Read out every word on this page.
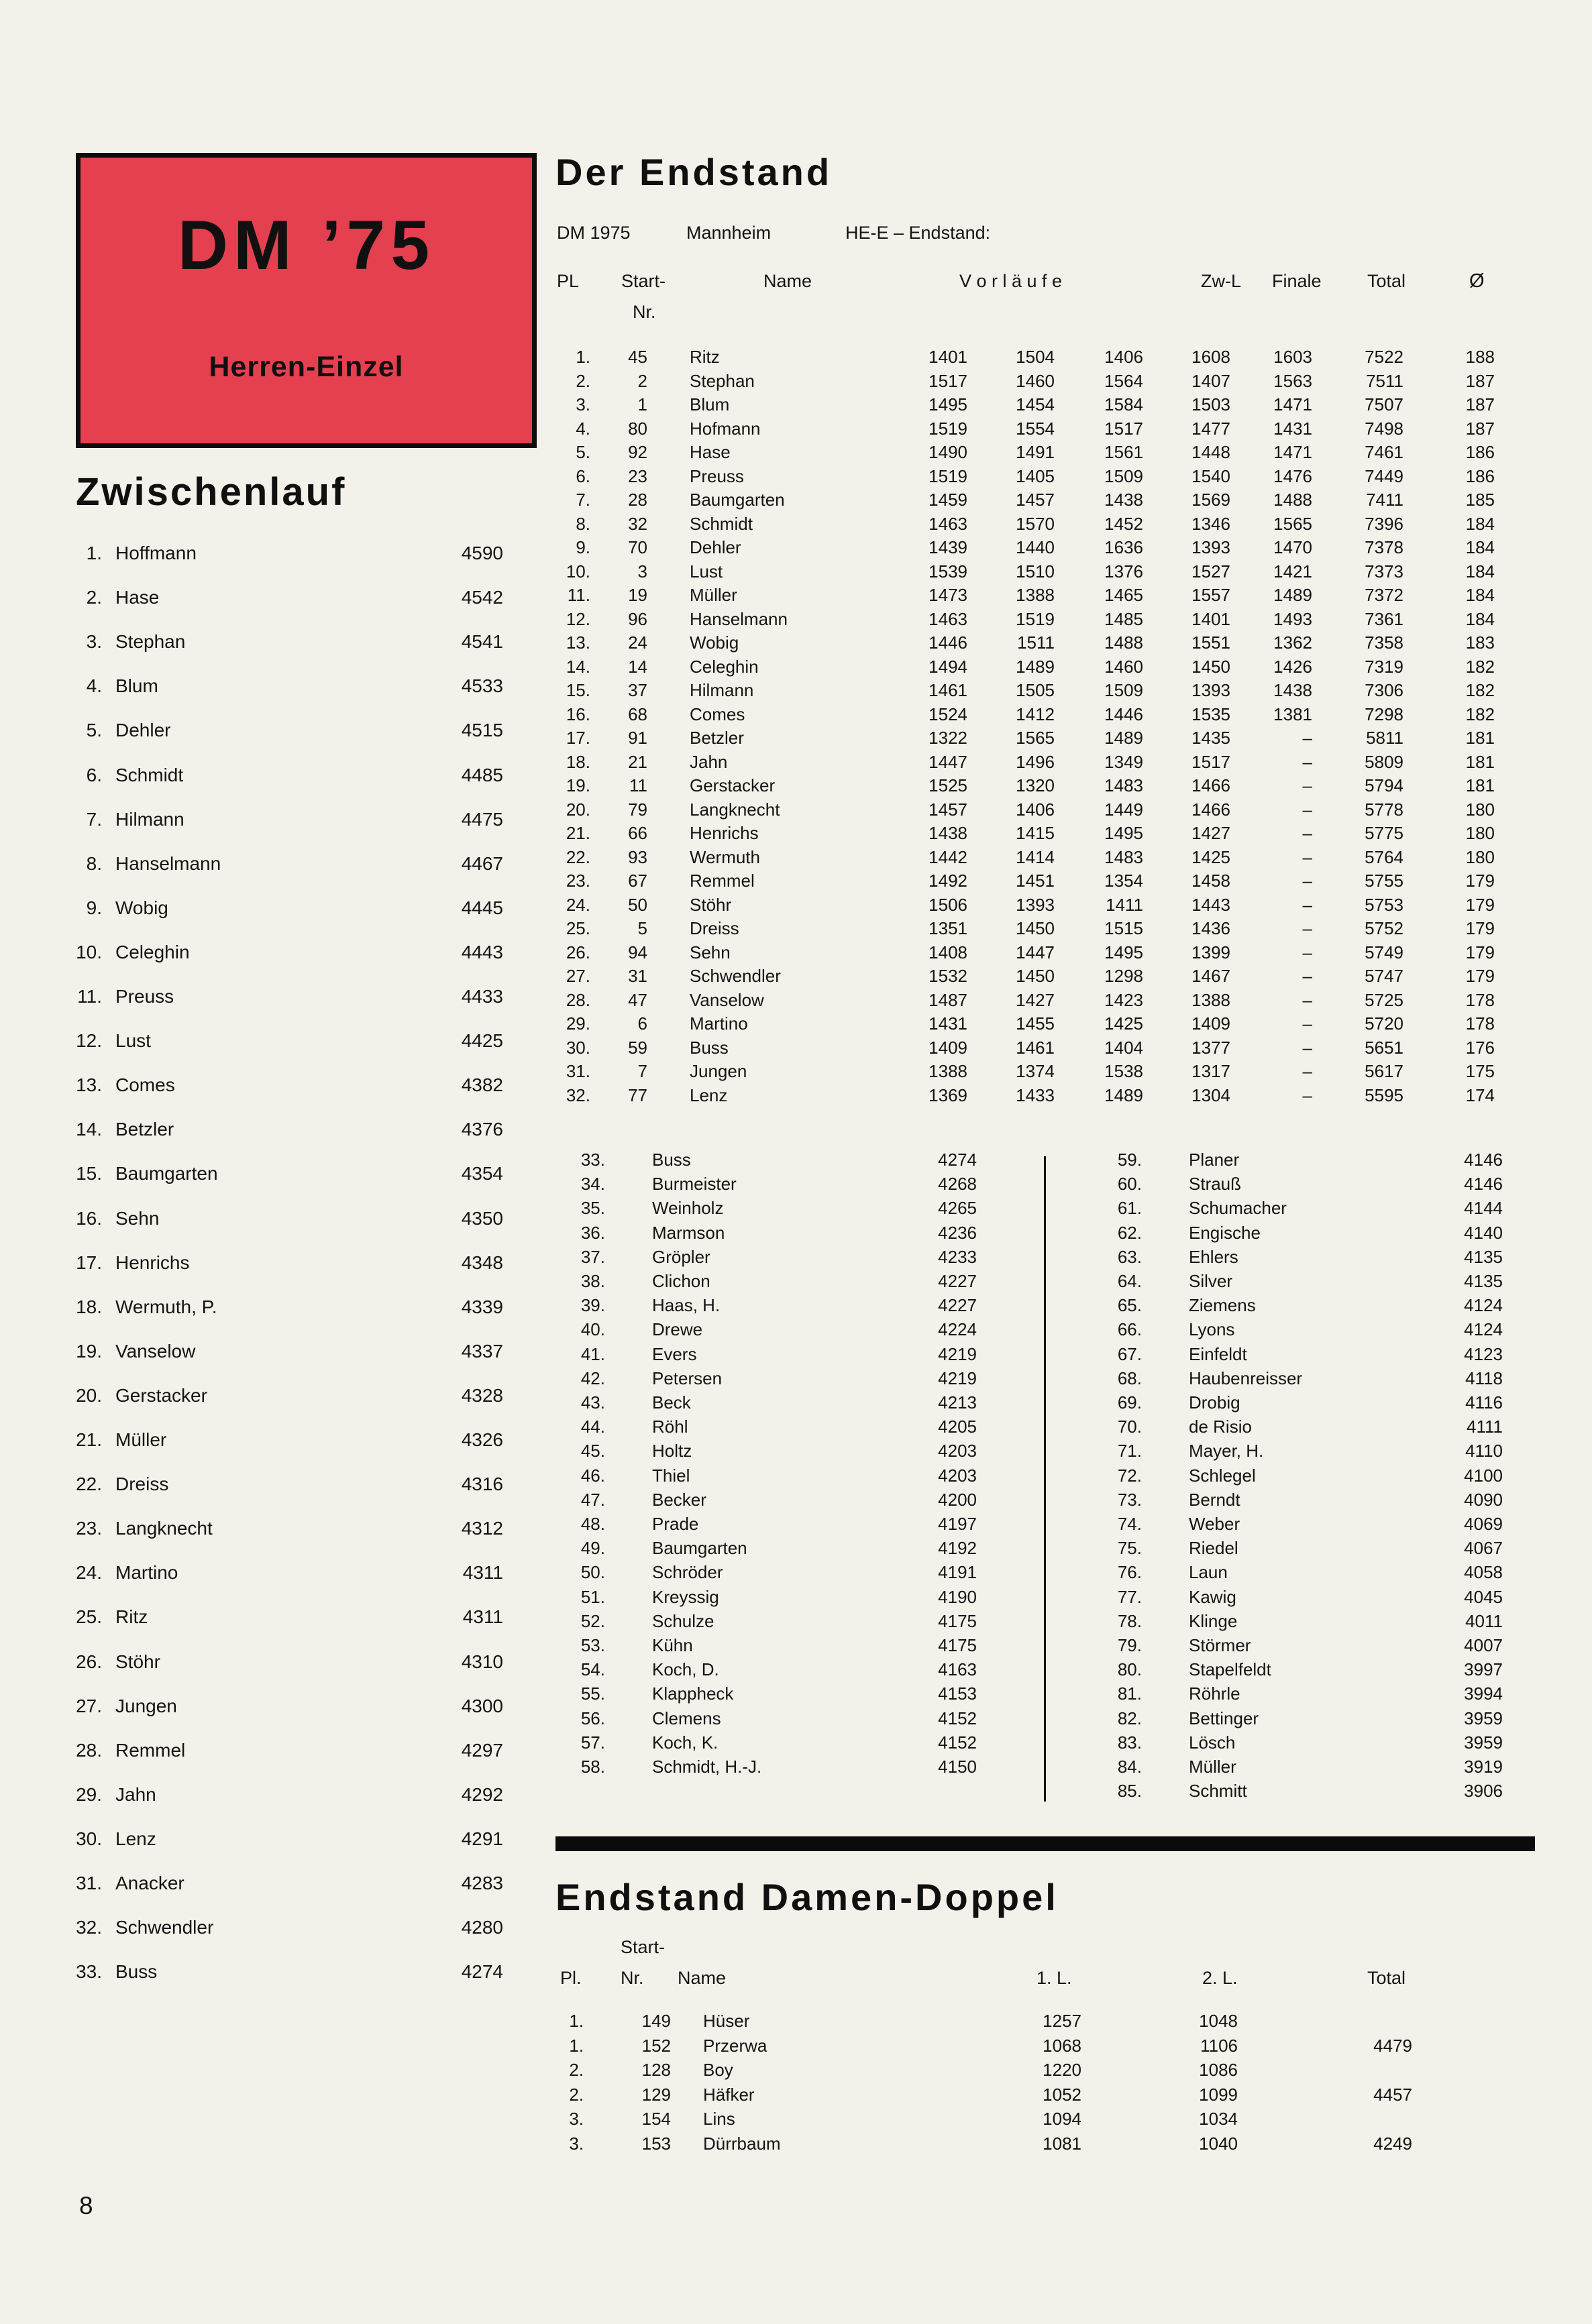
DM ’75
Herren-Einzel
Zwischenlauf
1. Hoffmann	4590
2. Hase	4542
3. Stephan	4541
4. Blum	4533
5. Dehler	4515
6. Schmidt	4485
7. Hilmann	4475
8. Hanselmann	4467
9. Wobig	4445
10. Celeghin	4443
11. Preuss	4433
12. Lust	4425
13. Comes	4382
14. Betzler	4376
15. Baumgarten	4354
16. Sehn	4350
17. Henrichs	4348
18. Wermuth, P.	4339
19. Vanselow	4337
20. Gerstacker	4328
21. Müller	4326
22. Dreiss	4316
23. Langknecht	4312
24. Martino	4311
25. Ritz	4311
26. Stöhr	4310
27. Jungen	4300
28. Remmel	4297
29. Jahn	4292
30. Lenz	4291
31. Anacker	4283
32. Schwendler	4280
33. Buss	4274
Der Endstand
DM 1975	Mannheim	HE-E – Endstand:
PL Start-	Name	V o r l ä u f e	Zw-L Finale	Total	Ø
Nr.
1.	45 Ritz	1401	1504	1406	1608	1603	7522	188
2.	2 Stephan	1517	1460	1564	1407	1563	7511	187
3.	1 Blum	1495	1454	1584	1503	1471	7507	187
4.	80 Hofmann	1519	1554	1517	1477	1431	7498	187
5.	92 Hase	1490	1491	1561	1448	1471	7461	186
6.	23 Preuss	1519	1405	1509	1540	1476	7449	186
7.	28 Baumgarten	1459	1457	1438	1569	1488	7411	185
8.	32 Schmidt	1463	1570	1452	1346	1565	7396	184
9.	70 Dehler	1439	1440	1636	1393	1470	7378	184
10.	3 Lust	1539	1510	1376	1527	1421	7373	184
11.	19 Müller	1473	1388	1465	1557	1489	7372	184
12.	96 Hanselmann	1463	1519	1485	1401	1493	7361	184
13.	24 Wobig	1446	1511	1488	1551	1362	7358	183
14.	14 Celeghin	1494	1489	1460	1450	1426	7319	182
15.	37 Hilmann	1461	1505	1509	1393	1438	7306	182
16.	68 Comes	1524	1412	1446	1535	1381	7298	182
17.	91 Betzler	1322	1565	1489	1435	–	5811	181
18.	21 Jahn	1447	1496	1349	1517	–	5809	181
19.	11 Gerstacker	1525	1320	1483	1466	–	5794	181
20.	79 Langknecht	1457	1406	1449	1466	–	5778	180
21.	66 Henrichs	1438	1415	1495	1427	–	5775	180
22.	93 Wermuth	1442	1414	1483	1425	–	5764	180
23.	67 Remmel	1492	1451	1354	1458	–	5755	179
24.	50 Stöhr	1506	1393	1411	1443	–	5753	179
25.	5 Dreiss	1351	1450	1515	1436	–	5752	179
26.	94 Sehn	1408	1447	1495	1399	–	5749	179
27.	31 Schwendler	1532	1450	1298	1467	–	5747	179
28.	47 Vanselow	1487	1427	1423	1388	–	5725	178
29.	6 Martino	1431	1455	1425	1409	–	5720	178
30.	59 Buss	1409	1461	1404	1377	–	5651	176
31.	7 Jungen	1388	1374	1538	1317	–	5617	175
32.	77 Lenz	1369	1433	1489	1304	–	5595	174
33.	Buss	4274
34.	Burmeister	4268
35.	Weinholz	4265
36.	Marmson	4236
37.	Gröpler	4233
38.	Clichon	4227
39.	Haas, H.	4227
40.	Drewe	4224
41.	Evers	4219
42.	Petersen	4219
43.	Beck	4213
44.	Röhl	4205
45.	Holtz	4203
46.	Thiel	4203
47.	Becker	4200
48.	Prade	4197
49.	Baumgarten	4192
50.	Schröder	4191
51.	Kreyssig	4190
52.	Schulze	4175
53.	Kühn	4175
54.	Koch, D.	4163
55.	Klappheck	4153
56.	Clemens	4152
57.	Koch, K.	4152
58.	Schmidt, H.-J.	4150
59.	Planer	4146
60.	Strauß	4146
61.	Schumacher	4144
62.	Engische	4140
63.	Ehlers	4135
64.	Silver	4135
65.	Ziemens	4124
66.	Lyons	4124
67.	Einfeldt	4123
68.	Haubenreisser	4118
69.	Drobig	4116
70.	de Risio	4111
71.	Mayer, H.	4110
72.	Schlegel	4100
73.	Berndt	4090
74.	Weber	4069
75.	Riedel	4067
76.	Laun	4058
77.	Kawig	4045
78.	Klinge	4011
79.	Störmer	4007
80.	Stapelfeldt	3997
81.	Röhrle	3994
82.	Bettinger	3959
83.	Lösch	3959
84.	Müller	3919
85.	Schmitt	3906
Endstand Damen-Doppel
Start-
Pl. Nr. Name	1. L.	2. L.	Total
1.	149 Hüser	1257	1048
1.	152 Przerwa	1068	1106	4479
2.	128 Boy	1220	1086
2.	129 Häfker	1052	1099	4457
3.	154 Lins	1094	1034
3.	153 Dürrbaum	1081	1040	4249
8
